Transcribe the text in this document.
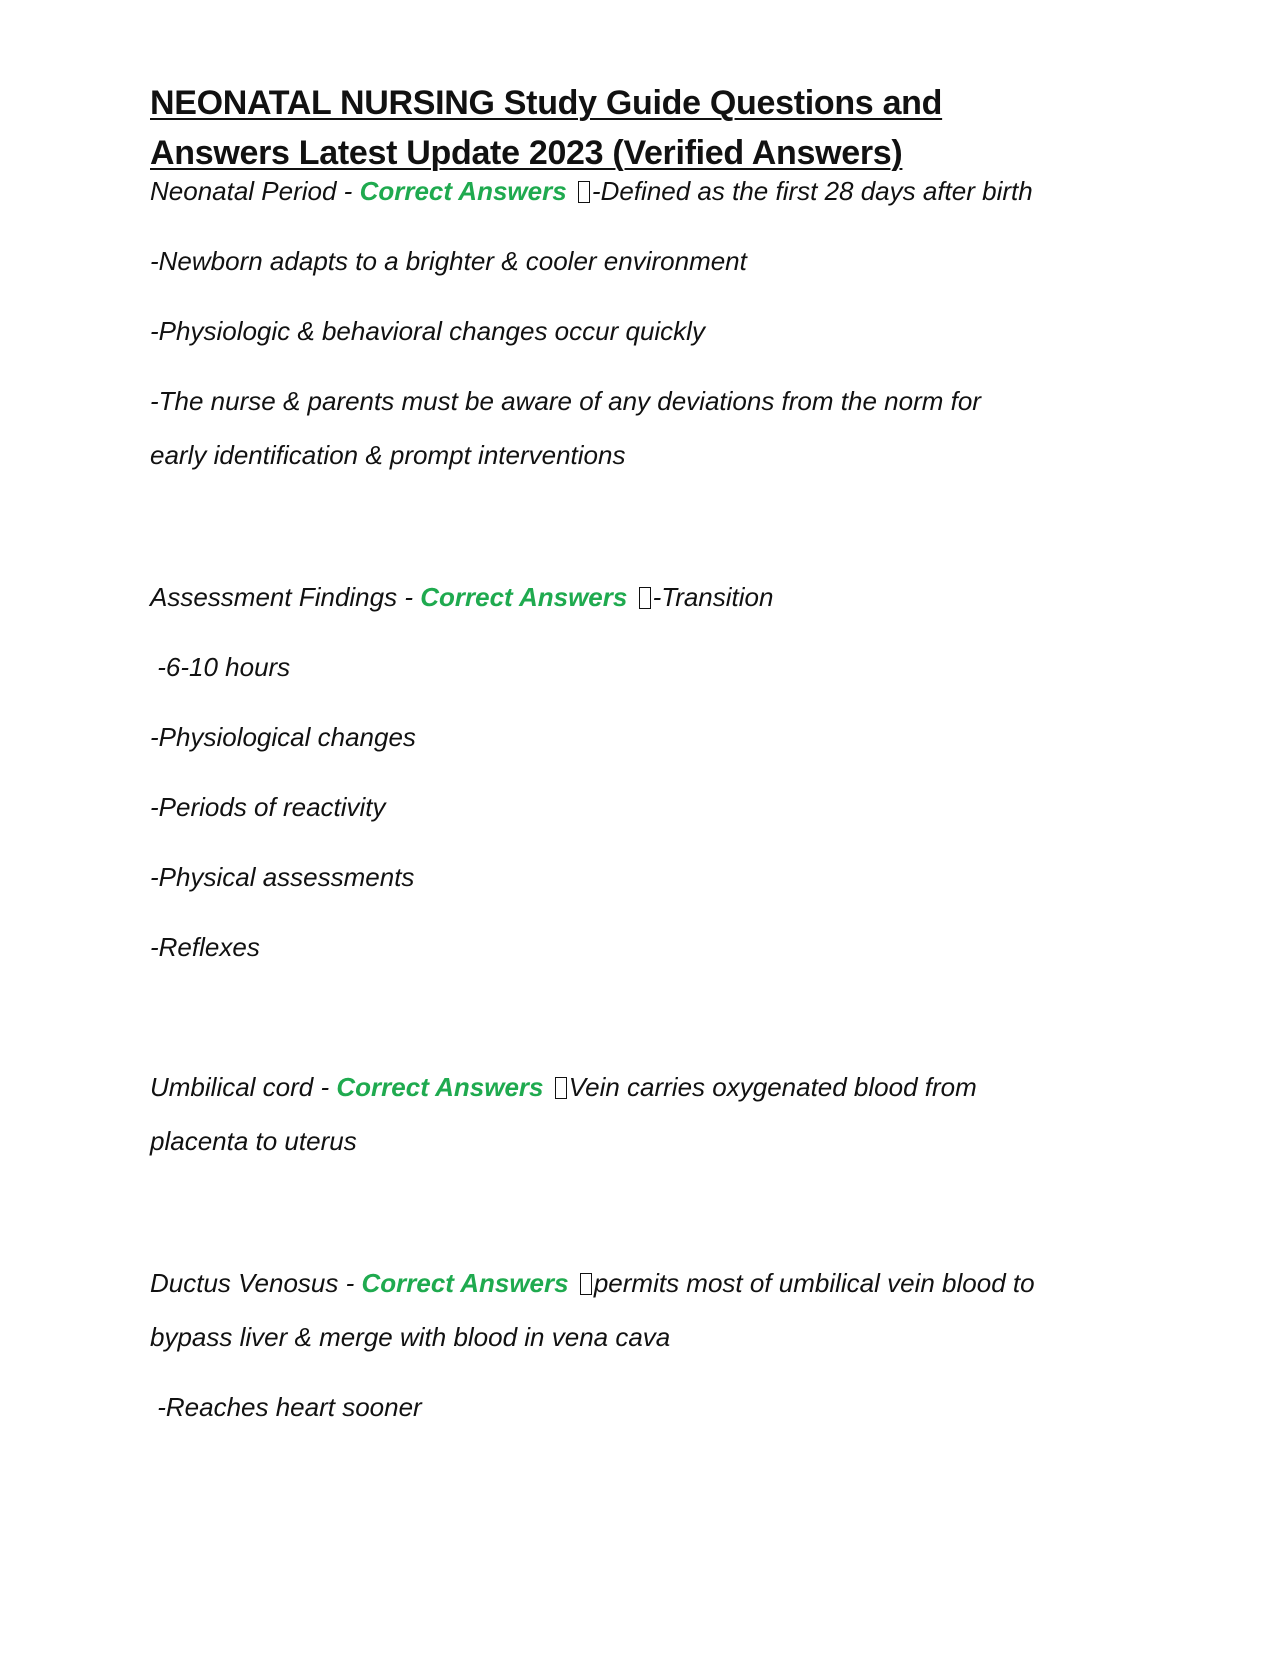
NEONATAL NURSING Study Guide Questions and
Answers Latest Update 2023 (Verified Answers)

Neonatal Period - Correct Answers -Defined as the first 28 days after birth

-Newborn adapts to a brighter & cooler environment

-Physiologic & behavioral changes occur quickly

-The nurse & parents must be aware of any deviations from the norm for

early identification & prompt interventions

Assessment Findings - Correct Answers -Transition

-6-10 hours

-Physiological changes

-Periods of reactivity

-Physical assessments

-Reflexes

Umbilical cord - Correct Answers Vein carries oxygenated blood from

placenta to uterus

Ductus Venosus - Correct Answers permits most of umbilical vein blood to

bypass liver & merge with blood in vena cava

-Reaches heart sooner
